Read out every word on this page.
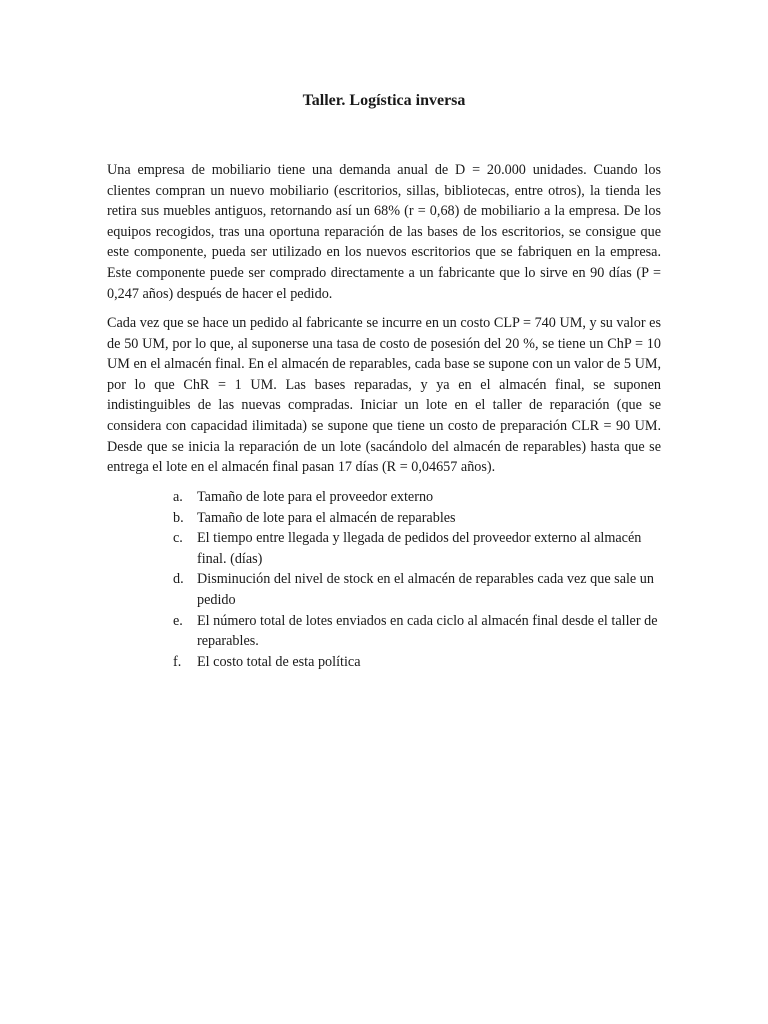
Taller. Logística inversa

Una empresa de mobiliario tiene una demanda anual de D = 20.000 unidades. Cuando los clientes compran un nuevo mobiliario (escritorios, sillas, bibliotecas, entre otros), la tienda les retira sus muebles antiguos, retornando así un 68% (r = 0,68) de mobiliario a la empresa. De los equipos recogidos, tras una oportuna reparación de las bases de los escritorios, se consigue que este componente, pueda ser utilizado en los nuevos escritorios que se fabriquen en la empresa. Este componente puede ser comprado directamente a un fabricante que lo sirve en 90 días (P = 0,247 años) después de hacer el pedido.

Cada vez que se hace un pedido al fabricante se incurre en un costo CLP = 740 UM, y su valor es de 50 UM, por lo que, al suponerse una tasa de costo de posesión del 20 %, se tiene un ChP = 10 UM en el almacén final. En el almacén de reparables, cada base se supone con un valor de 5 UM, por lo que ChR = 1 UM. Las bases reparadas, y ya en el almacén final, se suponen indistinguibles de las nuevas compradas. Iniciar un lote en el taller de reparación (que se considera con capacidad ilimitada) se supone que tiene un costo de preparación CLR = 90 UM. Desde que se inicia la reparación de un lote (sacándolo del almacén de reparables) hasta que se entrega el lote en el almacén final pasan 17 días (R = 0,04657 años).

a. Tamaño de lote para el proveedor externo
b. Tamaño de lote para el almacén de reparables
c. El tiempo entre llegada y llegada de pedidos del proveedor externo al almacén final. (días)
d. Disminución del nivel de stock en el almacén de reparables cada vez que sale un pedido
e. El número total de lotes enviados en cada ciclo al almacén final desde el taller de reparables.
f. El costo total de esta política
